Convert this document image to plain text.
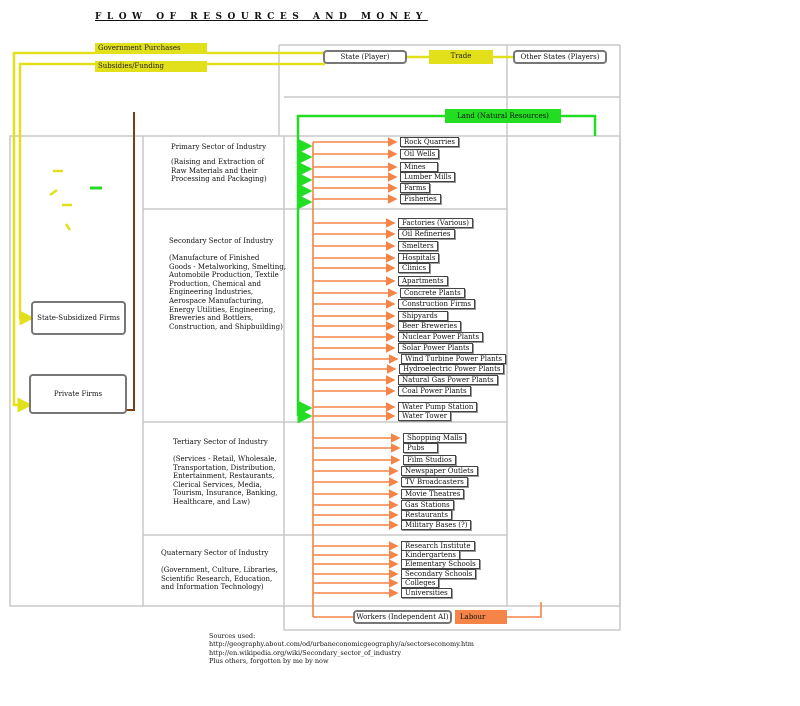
FLOW OF RESOURCES AND MONEY
Government Purchases
Subsidies/Funding
State (Player)	Trade	Other States (Players)
Land (Natural Resources)
State-Subsidized Firms
Private Firms
Primary Sector of Industry
(Raising and Extraction of
Raw Materials and their
Processing and Packaging)
Secondary Sector of Industry
(Manufacture of Finished
Goods - Metalworking, Smelting,
Automobile Production, Textile
Production, Chemical and
Engineering Industries,
Aerospace Manufacturing,
Energy Utilities, Engineering,
Breweries and Bottlers,
Construction, and Shipbuilding)
Tertiary Sector of Industry
(Services - Retail, Wholesale,
Transportation, Distribution,
Entertainment, Restaurants,
Clerical Services, Media,
Tourism, Insurance, Banking,
Healthcare, and Law)
Quaternary Sector of Industry
(Government, Culture, Libraries,
Scientific Research, Education,
and Information Technology)
Rock Quarries
Oil Wells
Mines
Lumber Mills
Farms
Fisheries
Factories (Various)
Oil Refineries
Smelters
Hospitals
Clinics
Apartments
Concrete Plants
Construction Firms
Shipyards
Beer Breweries
Nuclear Power Plants
Solar Power Plants
Wind Turbine Power Plants
Hydroelectric Power Plants
Natural Gas Power Plants
Coal Power Plants
Water Pump Station
Water Tower
Shopping Malls
Pubs
Film Studios
Newspaper Outlets
TV Broadcasters
Movie Theatres
Gas Stations
Restaurants
Military Bases (?)
Research Institute
Kindergartens
Elementary Schools
Secondary Schools
Colleges
Universities
Workers (Independent AI)	Labour
Sources used:
http://geography.about.com/od/urbaneconomicgeography/a/sectorseconomy.htm
http://en.wikipedia.org/wiki/Secondary_sector_of_industry
Plus others, forgotten by me by now
